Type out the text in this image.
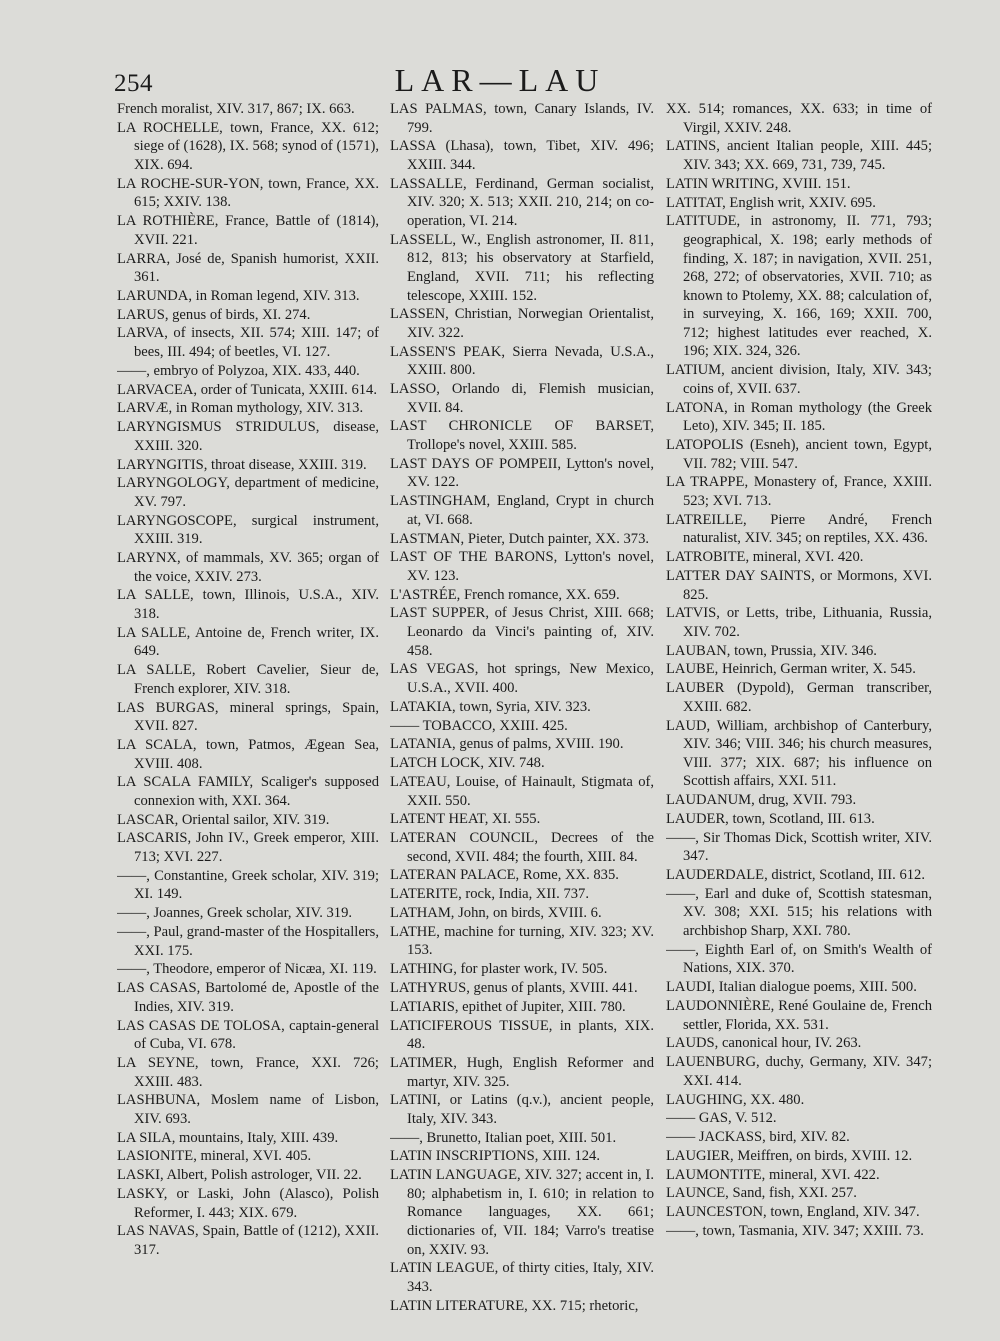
254	LAR—LAU
French moralist, XIV. 317, 867; IX. 663.
LA ROCHELLE, town, France, XX. 612; siege of (1628), IX. 568; synod of (1571), XIX. 694.
LA ROCHE-SUR-YON, town, France, XX. 615; XXIV. 138.
LA ROTHIÈRE, France, Battle of (1814), XVII. 221.
LARRA, José de, Spanish humorist, XXII. 361.
LARUNDA, in Roman legend, XIV. 313.
LARUS, genus of birds, XI. 274.
LARVA, of insects, XII. 574; XIII. 147; of bees, III. 494; of beetles, VI. 127.
——, embryo of Polyzoa, XIX. 433, 440.
LARVACEA, order of Tunicata, XXIII. 614.
LARVÆ, in Roman mythology, XIV. 313.
LARYNGISMUS STRIDULUS, disease, XXIII. 320.
LARYNGITIS, throat disease, XXIII. 319.
LARYNGOLOGY, department of medicine, XV. 797.
LARYNGOSCOPE, surgical instrument, XXIII. 319.
LARYNX, of mammals, XV. 365; organ of the voice, XXIV. 273.
LA SALLE, town, Illinois, U.S.A., XIV. 318.
LA SALLE, Antoine de, French writer, IX. 649.
LA SALLE, Robert Cavelier, Sieur de, French explorer, XIV. 318.
LAS BURGAS, mineral springs, Spain, XVII. 827.
LA SCALA, town, Patmos, Ægean Sea, XVIII. 408.
LA SCALA FAMILY, Scaliger's supposed connexion with, XXI. 364.
LASCAR, Oriental sailor, XIV. 319.
LASCARIS, John IV., Greek emperor, XIII. 713; XVI. 227.
——, Constantine, Greek scholar, XIV. 319; XI. 149.
——, Joannes, Greek scholar, XIV. 319.
——, Paul, grand-master of the Hospitallers, XXI. 175.
——, Theodore, emperor of Nicæa, XI. 119.
LAS CASAS, Bartolomé de, Apostle of the Indies, XIV. 319.
LAS CASAS DE TOLOSA, captain-general of Cuba, VI. 678.
LA SEYNE, town, France, XXI. 726; XXIII. 483.
LASHBUNA, Moslem name of Lisbon, XIV. 693.
LA SILA, mountains, Italy, XIII. 439.
LASIONITE, mineral, XVI. 405.
LASKI, Albert, Polish astrologer, VII. 22.
LASKY, or Laski, John (Alasco), Polish Reformer, I. 443; XIX. 679.
LAS NAVAS, Spain, Battle of (1212), XXII. 317.
LAS PALMAS, town, Canary Islands, IV. 799.
LASSA (Lhasa), town, Tibet, XIV. 496; XXIII. 344.
LASSALLE, Ferdinand, German socialist, XIV. 320; X. 513; XXII. 210, 214; on co-operation, VI. 214.
LASSELL, W., English astronomer, II. 811, 812, 813; his observatory at Starfield, England, XVII. 711; his reflecting telescope, XXIII. 152.
LASSEN, Christian, Norwegian Orientalist, XIV. 322.
LASSEN'S PEAK, Sierra Nevada, U.S.A., XXIII. 800.
LASSO, Orlando di, Flemish musician, XVII. 84.
LAST CHRONICLE OF BARSET, Trollope's novel, XXIII. 585.
LAST DAYS OF POMPEII, Lytton's novel, XV. 122.
LASTINGHAM, England, Crypt in church at, VI. 668.
LASTMAN, Pieter, Dutch painter, XX. 373.
LAST OF THE BARONS, Lytton's novel, XV. 123.
L'ASTRÉE, French romance, XX. 659.
LAST SUPPER, of Jesus Christ, XIII. 668; Leonardo da Vinci's painting of, XIV. 458.
LAS VEGAS, hot springs, New Mexico, U.S.A., XVII. 400.
LATAKIA, town, Syria, XIV. 323.
—— TOBACCO, XXIII. 425.
LATANIA, genus of palms, XVIII. 190.
LATCH LOCK, XIV. 748.
LATEAU, Louise, of Hainault, Stigmata of, XXII. 550.
LATENT HEAT, XI. 555.
LATERAN COUNCIL, Decrees of the second, XVII. 484; the fourth, XIII. 84.
LATERAN PALACE, Rome, XX. 835.
LATERITE, rock, India, XII. 737.
LATHAM, John, on birds, XVIII. 6.
LATHE, machine for turning, XIV. 323; XV. 153.
LATHING, for plaster work, IV. 505.
LATHYRUS, genus of plants, XVIII. 441.
LATIARIS, epithet of Jupiter, XIII. 780.
LATICIFEROUS TISSUE, in plants, XIX. 48.
LATIMER, Hugh, English Reformer and martyr, XIV. 325.
LATINI, or Latins (q.v.), ancient people, Italy, XIV. 343.
——, Brunetto, Italian poet, XIII. 501.
LATIN INSCRIPTIONS, XIII. 124.
LATIN LANGUAGE, XIV. 327; accent in, I. 80; alphabetism in, I. 610; in relation to Romance languages, XX. 661; dictionaries of, VII. 184; Varro's treatise on, XXIV. 93.
LATIN LEAGUE, of thirty cities, Italy, XIV. 343.
LATIN LITERATURE, XX. 715; rhetoric,
XX. 514; romances, XX. 633; in time of Virgil, XXIV. 248.
LATINS, ancient Italian people, XIII. 445; XIV. 343; XX. 669, 731, 739, 745.
LATIN WRITING, XVIII. 151.
LATITAT, English writ, XXIV. 695.
LATITUDE, in astronomy, II. 771, 793; geographical, X. 198; early methods of finding, X. 187; in navigation, XVII. 251, 268, 272; of observatories, XVII. 710; as known to Ptolemy, XX. 88; calculation of, in surveying, X. 166, 169; XXII. 700, 712; highest latitudes ever reached, X. 196; XIX. 324, 326.
LATIUM, ancient division, Italy, XIV. 343; coins of, XVII. 637.
LATONA, in Roman mythology (the Greek Leto), XIV. 345; II. 185.
LATOPOLIS (Esneh), ancient town, Egypt, VII. 782; VIII. 547.
LA TRAPPE, Monastery of, France, XXIII. 523; XVI. 713.
LATREILLE, Pierre André, French naturalist, XIV. 345; on reptiles, XX. 436.
LATROBITE, mineral, XVI. 420.
LATTER DAY SAINTS, or Mormons, XVI. 825.
LATVIS, or Letts, tribe, Lithuania, Russia, XIV. 702.
LAUBAN, town, Prussia, XIV. 346.
LAUBE, Heinrich, German writer, X. 545.
LAUBER (Dypold), German transcriber, XXIII. 682.
LAUD, William, archbishop of Canterbury, XIV. 346; VIII. 346; his church measures, VIII. 377; XIX. 687; his influence on Scottish affairs, XXI. 511.
LAUDANUM, drug, XVII. 793.
LAUDER, town, Scotland, III. 613.
——, Sir Thomas Dick, Scottish writer, XIV. 347.
LAUDERDALE, district, Scotland, III. 612.
——, Earl and duke of, Scottish statesman, XV. 308; XXI. 515; his relations with archbishop Sharp, XXI. 780.
——, Eighth Earl of, on Smith's Wealth of Nations, XIX. 370.
LAUDI, Italian dialogue poems, XIII. 500.
LAUDONNIÈRE, René Goulaine de, French settler, Florida, XX. 531.
LAUDS, canonical hour, IV. 263.
LAUENBURG, duchy, Germany, XIV. 347; XXI. 414.
LAUGHING, XX. 480.
—— GAS, V. 512.
—— JACKASS, bird, XIV. 82.
LAUGIER, Meiffren, on birds, XVIII. 12.
LAUMONTITE, mineral, XVI. 422.
LAUNCE, Sand, fish, XXI. 257.
LAUNCESTON, town, England, XIV. 347.
——, town, Tasmania, XIV. 347; XXIII. 73.
